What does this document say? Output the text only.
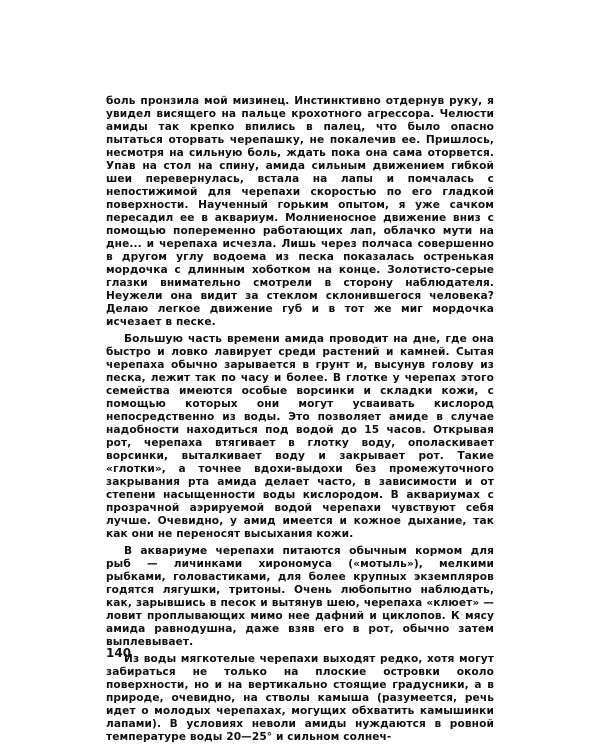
боль пронзила мой мизинец. Инстинктивно отдернув руку, я увидел висящего на пальце крохотного агрессора. Челюсти амиды так крепко впились в палец, что было опасно пытаться оторвать черепашку, не покалечив ее. Пришлось, несмотря на сильную боль, ждать пока она сама оторвется. Упав на стол на спину, амида сильным движением гибкой шеи перевернулась, встала на лапы и помчалась с непостижимой для черепахи скоростью по его гладкой поверхности. Наученный горьким опытом, я уже сачком пересадил ее в аквариум. Молниеносное движение вниз с помощью попеременно работающих лап, облачко мути на дне... и черепаха исчезла. Лишь через полчаса совершенно в другом углу водоема из песка показалась остренькая мордочка с длинным хоботком на конце. Золотисто-серые глазки внимательно смотрели в сторону наблюдателя. Неужели она видит за стеклом склонившегося человека? Делаю легкое движение губ и в тот же миг мордочка исчезает в песке.

Большую часть времени амида проводит на дне, где она быстро и ловко лавирует среди растений и камней. Сытая черепаха обычно зарывается в грунт и, высунув голову из песка, лежит так по часу и более. В глотке у черепах этого семейства имеются особые ворсинки и складки кожи, с помощью которых они могут усваивать кислород непосредственно из воды. Это позволяет амиде в случае надобности находиться под водой до 15 часов. Открывая рот, черепаха втягивает в глотку воду, ополаскивает ворсинки, выталкивает воду и закрывает рот. Такие «глотки», а точнее вдохи-выдохи без промежуточного закрывания рта амида делает часто, в зависимости и от степени насыщенности воды кислородом. В аквариумах с прозрачной аэрируемой водой черепахи чувствуют себя лучше. Очевидно, у амид имеется и кожное дыхание, так как они не переносят высыхания кожи.

В аквариуме черепахи питаются обычным кормом для рыб — личинками хирономуса («мотыль»), мелкими рыбками, головастиками, для более крупных экземпляров годятся лягушки, тритоны. Очень любопытно наблюдать, как, зарывшись в песок и вытянув шею, черепаха «клюет» — ловит проплывающих мимо нее дафний и циклопов. К мясу амида равнодушна, даже взяв его в рот, обычно затем выплевывает.

Из воды мягкотелые черепахи выходят редко, хотя могут забираться не только на плоские островки около поверхности, но и на вертикально стоящие градусники, а в природе, очевидно, на стволы камыша (разумеется, речь идет о молодых черепахах, могущих обхватить камышинки лапами). В условиях неволи амиды нуждаются в ровной температуре воды 20—25° и сильном солнеч-

140
